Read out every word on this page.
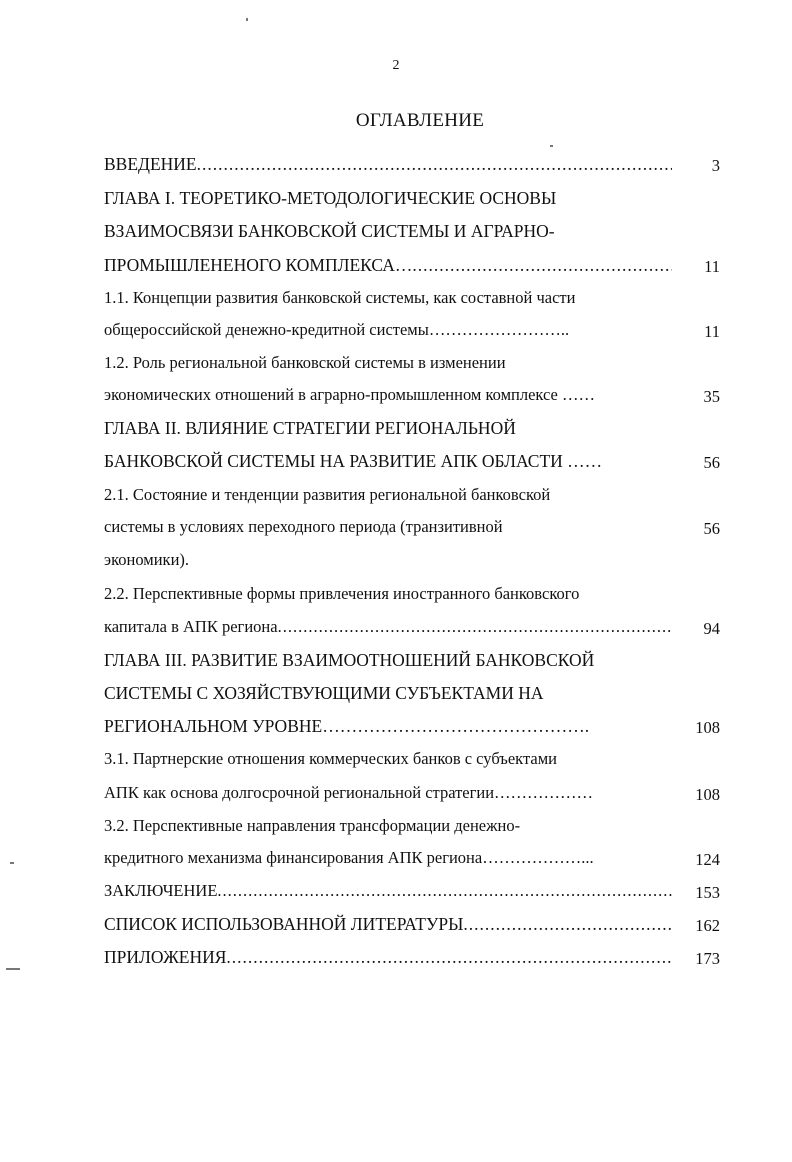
2
ОГЛАВЛЕНИЕ
ВВЕДЕНИЕ .....	3
ГЛАВА I. ТЕОРЕТИКО-МЕТОДОЛОГИЧЕСКИЕ ОСНОВЫ
ВЗАИМОСВЯЗИ БАНКОВСКОЙ СИСТЕМЫ И АГРАРНО-
ПРОМЫШЛЕНЕНОГО КОМПЛЕКСА… .....	11
1.1. Концепции развития банковской системы, как составной части
общероссийской денежно-кредитной системы……………………..	11
1.2. Роль региональной банковской системы в изменении
экономических отношений в аграрно-промышленном комплексе ……	35
ГЛАВА II. ВЛИЯНИЕ СТРАТЕГИИ РЕГИОНАЛЬНОЙ
БАНКОВСКОЙ СИСТЕМЫ НА РАЗВИТИЕ АПК ОБЛАСТИ ……	56
2.1. Состояние и тенденции развития региональной банковской
системы в условиях переходного периода (транзитивной	56
экономики).
2.2. Перспективные формы привлечения иностранного банковского
капитала в АПК региона .....	94
ГЛАВА III. РАЗВИТИЕ ВЗАИМООТНОШЕНИЙ БАНКОВСКОЙ
СИСТЕМЫ С ХОЗЯЙСТВУЮЩИМИ СУБЪЕКТАМИ НА
РЕГИОНАЛЬНОМ УРОВНЕ……………………………………….	108
3.1. Партнерские отношения коммерческих банков с субъектами
АПК как основа долгосрочной региональной стратегии………………	108
3.2. Перспективные направления трансформации денежно-
кредитного механизма финансирования АПК региона………………...	124
ЗАКЛЮЧЕНИЕ .....	153
СПИСОК ИСПОЛЬЗОВАННОЙ ЛИТЕРАТУРЫ .....	162
ПРИЛОЖЕНИЯ .....	173
